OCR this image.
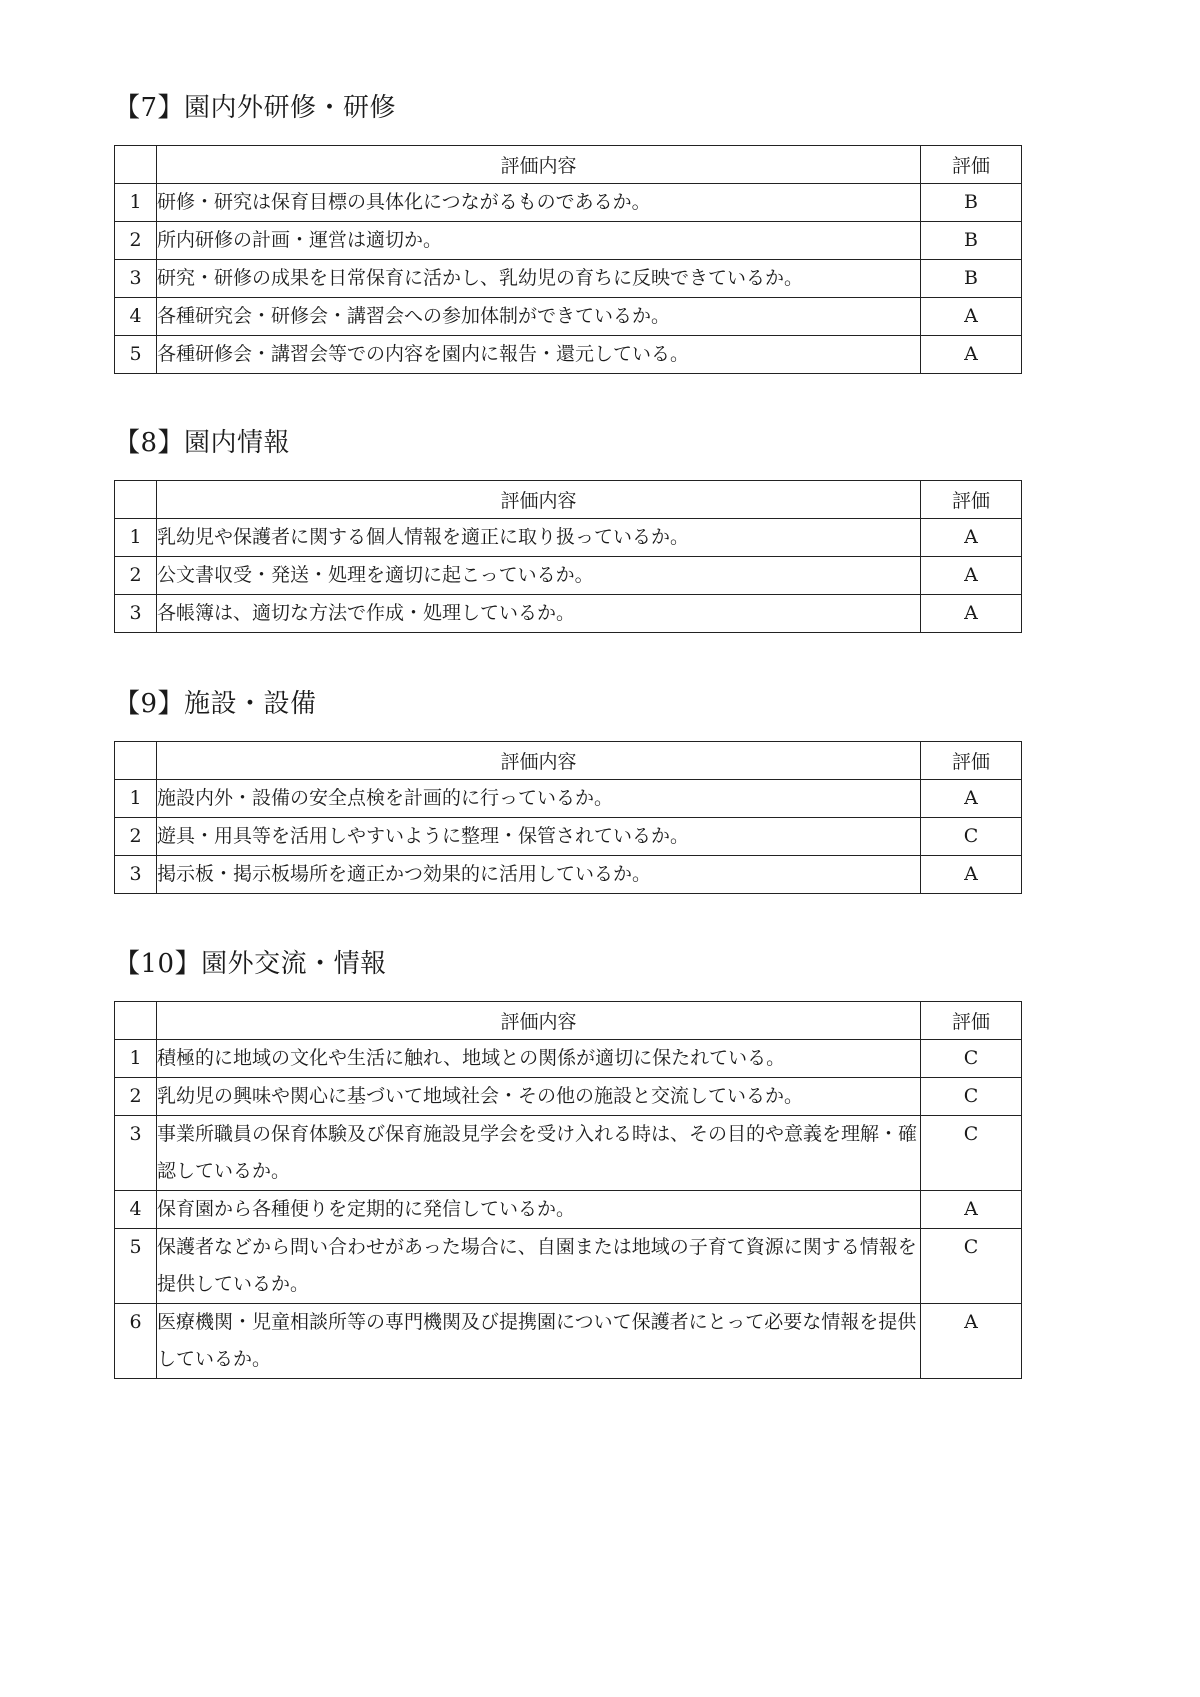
【7】園内外研修・研修
	評価内容	評価
1	研修・研究は保育目標の具体化につながるものであるか。	B
2	所内研修の計画・運営は適切か。	B
3	研究・研修の成果を日常保育に活かし、乳幼児の育ちに反映できているか。	B
4	各種研究会・研修会・講習会への参加体制ができているか。	A
5	各種研修会・講習会等での内容を園内に報告・還元している。	A
【8】園内情報
	評価内容	評価
1	乳幼児や保護者に関する個人情報を適正に取り扱っているか。	A
2	公文書収受・発送・処理を適切に起こっているか。	A
3	各帳簿は、適切な方法で作成・処理しているか。	A
【9】施設・設備
	評価内容	評価
1	施設内外・設備の安全点検を計画的に行っているか。	A
2	遊具・用具等を活用しやすいように整理・保管されているか。	C
3	掲示板・掲示板場所を適正かつ効果的に活用しているか。	A
【10】園外交流・情報
	評価内容	評価
1	積極的に地域の文化や生活に触れ、地域との関係が適切に保たれている。	C
2	乳幼児の興味や関心に基づいて地域社会・その他の施設と交流しているか。	C
3	事業所職員の保育体験及び保育施設見学会を受け入れる時は、その目的や意義を理解・確認しているか。	C
4	保育園から各種便りを定期的に発信しているか。	A
5	保護者などから問い合わせがあった場合に、自園または地域の子育て資源に関する情報を提供しているか。	C
6	医療機関・児童相談所等の専門機関及び提携園について保護者にとって必要な情報を提供しているか。	A
